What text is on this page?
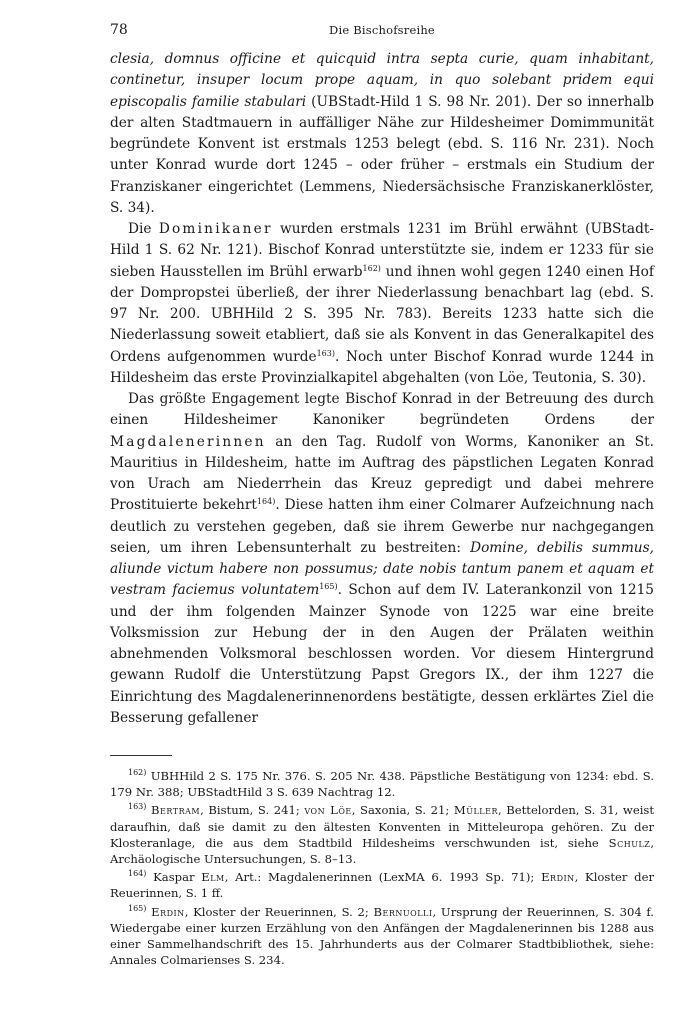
78	Die Bischofsreihe

clesia, domnus officine et quicquid intra septa curie, quam inhabitant, continetur, insuper locum prope aquam, in quo solebant pridem equi episcopalis familie stabulari (UBStadt-Hild 1 S. 98 Nr. 201). Der so innerhalb der alten Stadtmauern in auffälliger Nähe zur Hildesheimer Domimmunität begründete Konvent ist erstmals 1253 belegt (ebd. S. 116 Nr. 231). Noch unter Konrad wurde dort 1245 – oder früher – erstmals ein Studium der Franziskaner eingerichtet (Lemmens, Niedersächsische Franziskanerklöster, S. 34).

Die Dominikaner wurden erstmals 1231 im Brühl erwähnt (UBStadt-Hild 1 S. 62 Nr. 121). Bischof Konrad unterstützte sie, indem er 1233 für sie sieben Hausstellen im Brühl erwarb$^{162)}$ und ihnen wohl gegen 1240 einen Hof der Dompropstei überließ, der ihrer Niederlassung benachbart lag (ebd. S. 97 Nr. 200. UBHHild 2 S. 395 Nr. 783). Bereits 1233 hatte sich die Niederlassung soweit etabliert, daß sie als Konvent in das Generalkapitel des Ordens aufgenommen wurde$^{163)}$. Noch unter Bischof Konrad wurde 1244 in Hildesheim das erste Provinzialkapitel abgehalten (von Löe, Teutonia, S. 30).

Das größte Engagement legte Bischof Konrad in der Betreuung des durch einen Hildesheimer Kanoniker begründeten Ordens der Magdalenerinnen an den Tag. Rudolf von Worms, Kanoniker an St. Mauritius in Hildesheim, hatte im Auftrag des päpstlichen Legaten Konrad von Urach am Niederrhein das Kreuz gepredigt und dabei mehrere Prostituierte bekehrt$^{164)}$. Diese hatten ihm einer Colmarer Aufzeichnung nach deutlich zu verstehen gegeben, daß sie ihrem Gewerbe nur nachgegangen seien, um ihren Lebensunterhalt zu bestreiten: Domine, debilis summus, aliunde victum habere non possumus; date nobis tantum panem et aquam et vestram faciemus voluntatem$^{165)}$. Schon auf dem IV. Laterankonzil von 1215 und der ihm folgenden Mainzer Synode von 1225 war eine breite Volksmission zur Hebung der in den Augen der Prälaten weithin abnehmenden Volksmoral beschlossen worden. Vor diesem Hintergrund gewann Rudolf die Unterstützung Papst Gregors IX., der ihm 1227 die Einrichtung des Magdalenerinnenordens bestätigte, dessen erklärtes Ziel die Besserung gefallener

$^{162)}$ UBHHild 2 S. 175 Nr. 376. S. 205 Nr. 438. Päpstliche Bestätigung von 1234: ebd. S. 179 Nr. 388; UBStadtHild 3 S. 639 Nachtrag 12.

$^{163)}$ Bertram, Bistum, S. 241; von Löe, Saxonia, S. 21; Müller, Bettelorden, S. 31, weist daraufhin, daß sie damit zu den ältesten Konventen in Mitteleuropa gehören. Zu der Klosteranlage, die aus dem Stadtbild Hildesheims verschwunden ist, siehe Schulz, Archäologische Untersuchungen, S. 8–13.

$^{164)}$ Kaspar Elm, Art.: Magdalenerinnen (LexMA 6. 1993 Sp. 71); Erdin, Kloster der Reuerinnen, S. 1 ff.

$^{165)}$ Erdin, Kloster der Reuerinnen, S. 2; Bernuolli, Ursprung der Reuerinnen, S. 304 f. Wiedergabe einer kurzen Erzählung von den Anfängen der Magdalenerinnen bis 1288 aus einer Sammelhandschrift des 15. Jahrhunderts aus der Colmarer Stadtbibliothek, siehe: Annales Colmarienses S. 234.
